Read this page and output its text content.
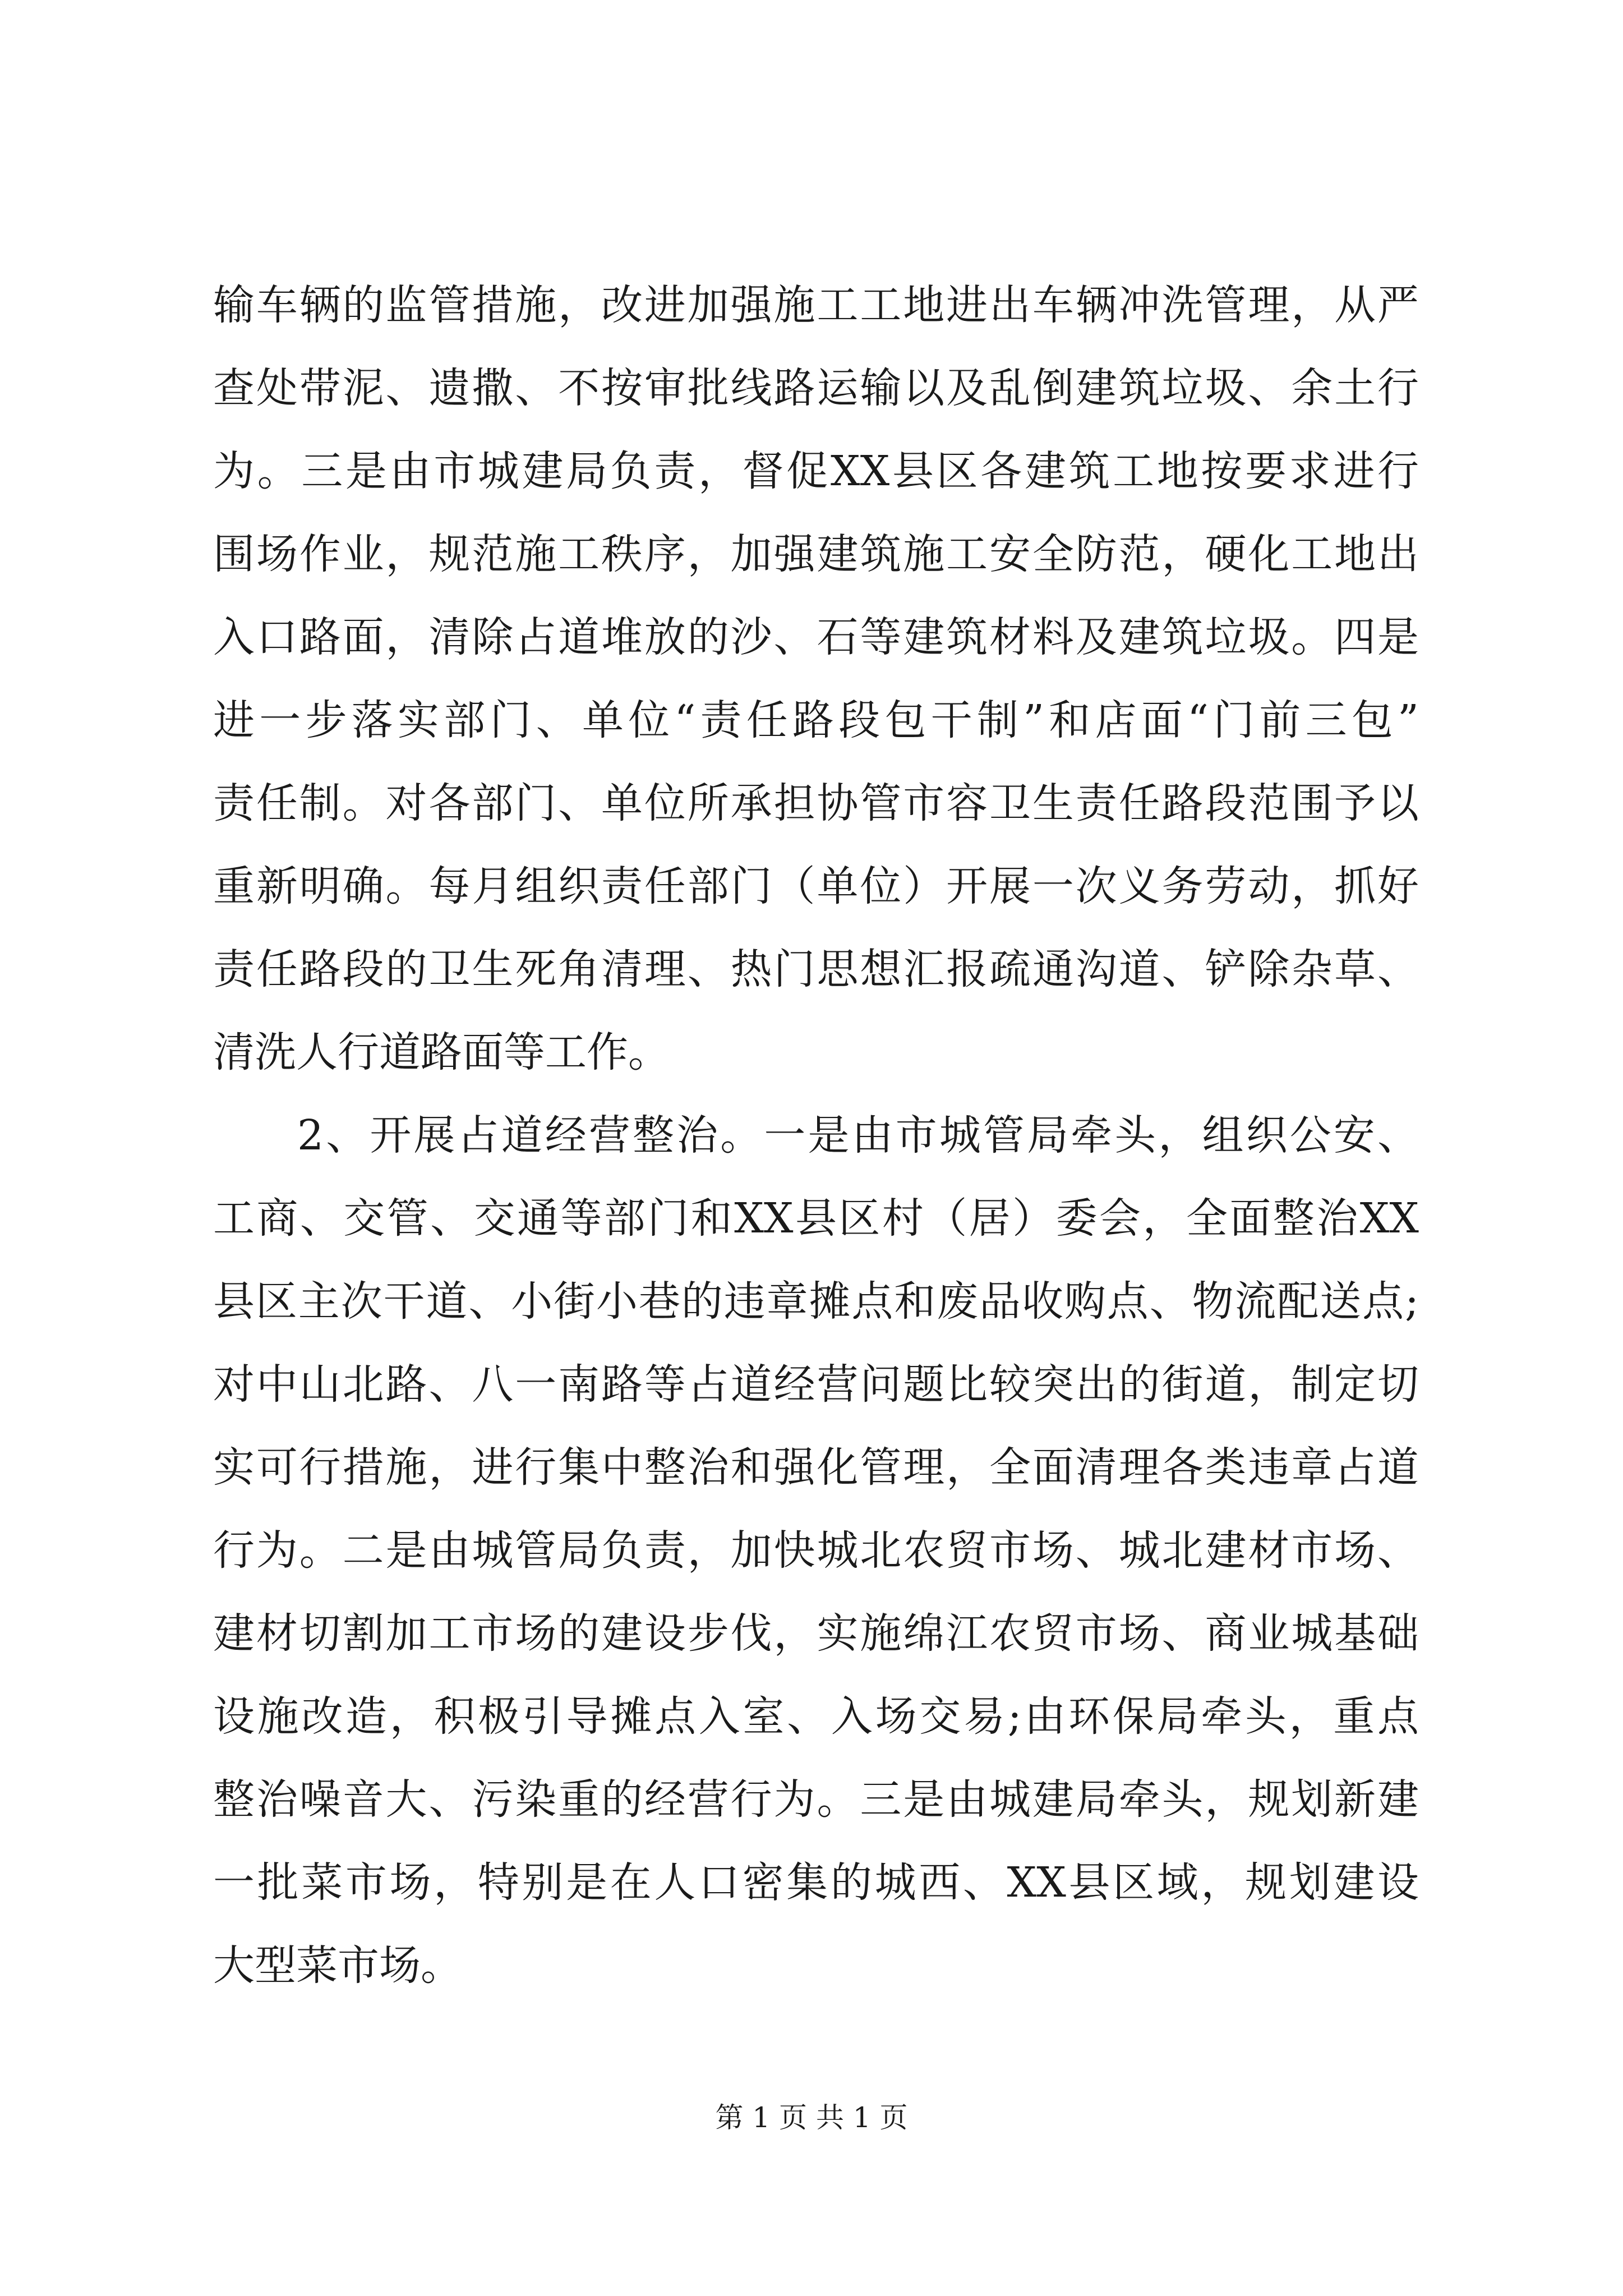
输车辆的监管措施，改进加强施工工地进出车辆冲洗管理，从严
查处带泥、遗撒、不按审批线路运输以及乱倒建筑垃圾、余土行
为。三是由市城建局负责，督促XX县区各建筑工地按要求进行
围场作业，规范施工秩序，加强建筑施工安全防范，硬化工地出
入口路面，清除占道堆放的沙、石等建筑材料及建筑垃圾。四是
进一步落实部门、单位“责任路段包干制”和店面“门前三包”
责任制。对各部门、单位所承担协管市容卫生责任路段范围予以
重新明确。每月组织责任部门（单位）开展一次义务劳动，抓好
责任路段的卫生死角清理、热门思想汇报疏通沟道、铲除杂草、
清洗人行道路面等工作。
2、开展占道经营整治。一是由市城管局牵头，组织公安、
工商、交管、交通等部门和XX县区村（居）委会，全面整治XX
县区主次干道、小街小巷的违章摊点和废品收购点、物流配送点;
对中山北路、八一南路等占道经营问题比较突出的街道，制定切
实可行措施，进行集中整治和强化管理，全面清理各类违章占道
行为。二是由城管局负责，加快城北农贸市场、城北建材市场、
建材切割加工市场的建设步伐，实施绵江农贸市场、商业城基础
设施改造，积极引导摊点入室、入场交易;由环保局牵头，重点
整治噪音大、污染重的经营行为。三是由城建局牵头，规划新建
一批菜市场，特别是在人口密集的城西、XX县区域，规划建设
大型菜市场。
第 1 页 共 1 页
